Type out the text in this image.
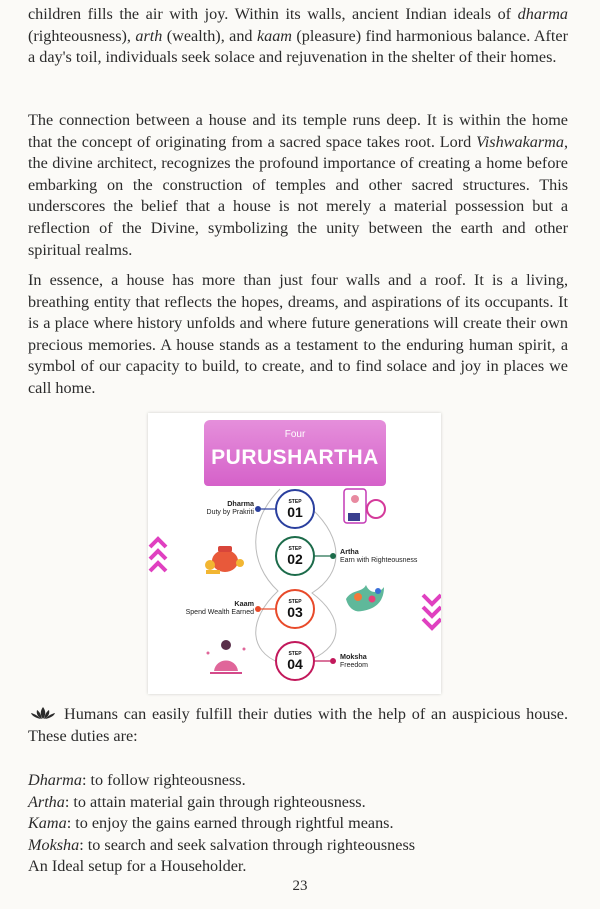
children fills the air with joy. Within its walls, ancient Indian ideals of dharma (righteousness), arth (wealth), and kaam (pleasure) find harmonious balance. After a day's toil, individuals seek solace and rejuvenation in the shelter of their homes.

The connection between a house and its temple runs deep. It is within the home that the concept of originating from a sacred space takes root. Lord Vishwakarma, the divine architect, recognizes the profound importance of creating a home before embarking on the construction of temples and other sacred structures. This underscores the belief that a house is not merely a material possession but a reflection of the Divine, symbolizing the unity between the earth and other spiritual realms.

In essence, a house has more than just four walls and a roof. It is a living, breathing entity that reflects the hopes, dreams, and aspirations of its occupants. It is a place where history unfolds and where future generations will create their own precious memories. A house stands as a testament to the enduring human spirit, a symbol of our capacity to build, to create, and to find solace and joy in places we call home.

Four
PURUSHARTHA
STEP
01
STEP
02
STEP
03
STEP
04
Dharma
Duty by Prakriti
Artha
Earn with Righteousness
Kaam
Spend Wealth Earned
Moksha
Freedom

Humans can easily fulfill their duties with the help of an auspicious house. These duties are:

Dharma: to follow righteousness.
Artha: to attain material gain through righteousness.
Kama: to enjoy the gains earned through rightful means.
Moksha: to search and seek salvation through righteousness
An Ideal setup for a Householder.
23
